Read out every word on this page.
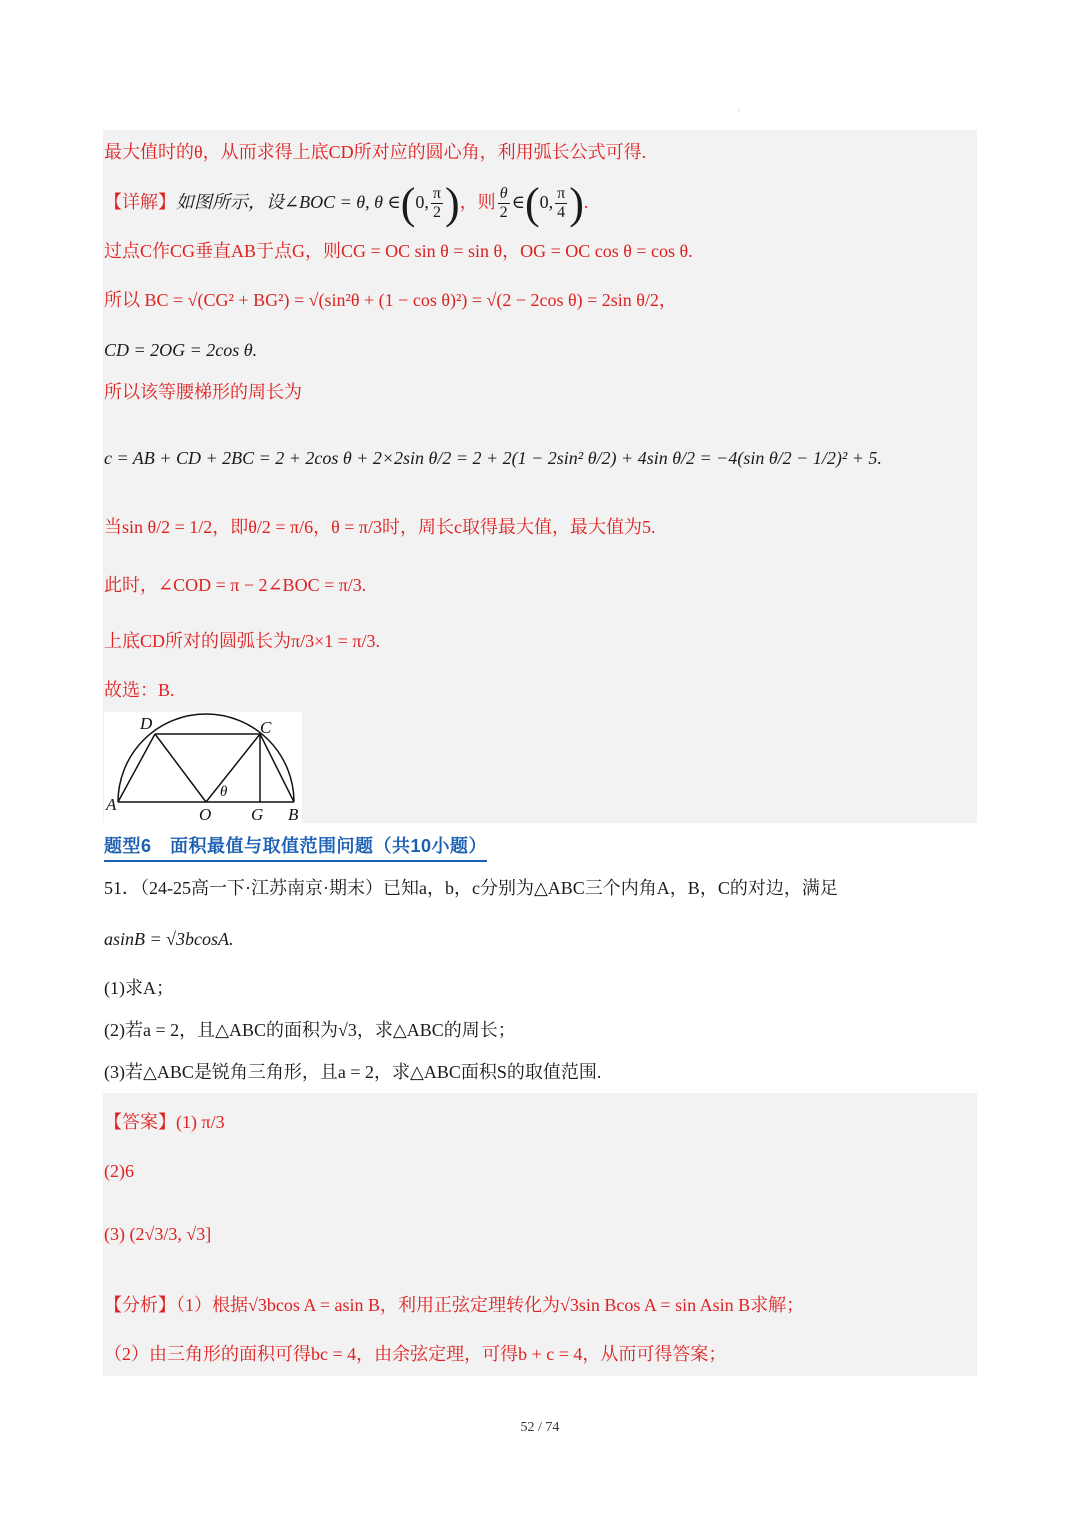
'
最大值时的θ，从而求得上底CD所对应的圆心角，利用弧长公式可得.
【详解】如图所示，设∠BOC = θ, θ ∈(0, $\frac{\pi}{2}$ )，则 $\frac{\theta}{2}$ ∈(0, $\frac{\pi}{4}$ ).
过点C作CG垂直AB于点G，则CG = OC sin θ = sin θ，OG = OC cos θ = cos θ.
所以 BC = √(CG² + BG²) = √(sin²θ + (1 − cos θ)²) = √(2 − 2cos θ) = 2sin θ/2，
CD = 2OG = 2cos θ.
所以该等腰梯形的周长为
c = AB + CD + 2BC = 2 + 2cos θ + 2×2sin θ/2 = 2 + 2(1 − 2sin² θ/2) + 4sin θ/2 = −4(sin θ/2 − 1/2)² + 5.
当sin θ/2 = 1/2，即θ/2 = π/6，θ = π/3时，周长c取得最大值，最大值为5.
此时，∠COD = π − 2∠BOC = π/3.
上底CD所对的圆弧长为π/3×1 = π/3.
故选：B.
D	C
A
O
θ
G B
题型6　面积最值与取值范围问题（共10小题）
51．（24-25高一下·江苏南京·期末）已知a，b，c分别为△ABC三个内角A，B，C的对边，满足
asinB = √3bcosA.
(1)求A；
(2)若a = 2，且△ABC的面积为√3，求△ABC的周长；
(3)若△ABC是锐角三角形，且a = 2，求△ABC面积S的取值范围.
【答案】(1) π/3
(2)6
(3) (2√3/3, √3]
【分析】（1）根据√3bcos A = asin B，利用正弦定理转化为√3sin Bcos A = sin Asin B求解；
（2）由三角形的面积可得bc = 4，由余弦定理，可得b + c = 4，从而可得答案；
52 / 74
